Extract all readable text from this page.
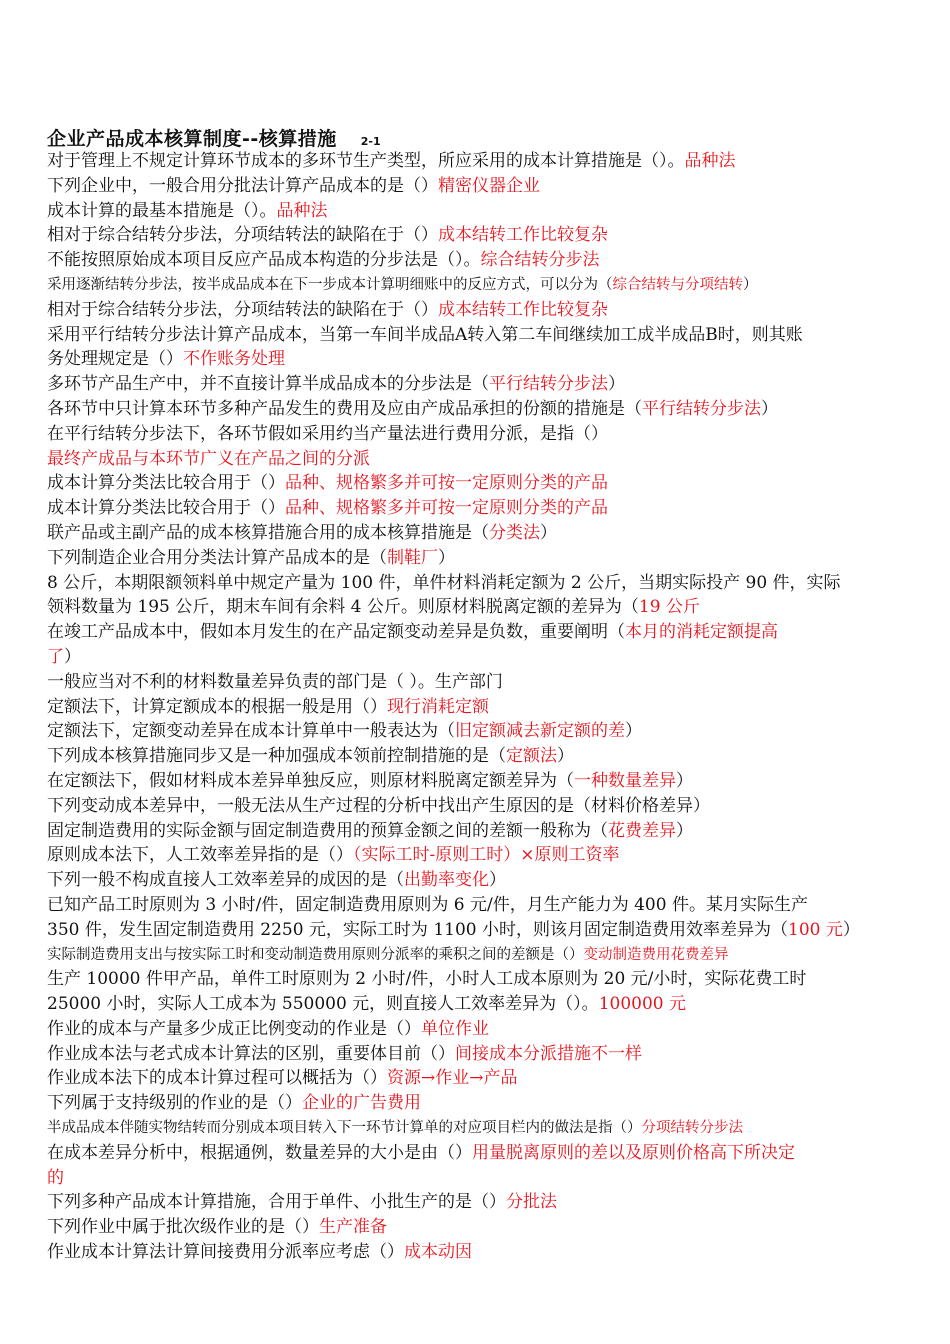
企业产品成本核算制度--核算措施 2-1
对于管理上不规定计算环节成本的多环节生产类型，所应采用的成本计算措施是（）。品种法
下列企业中，一般合用分批法计算产品成本的是（）精密仪器企业
成本计算的最基本措施是（）。品种法
相对于综合结转分步法，分项结转法的缺陷在于（）成本结转工作比较复杂
不能按照原始成本项目反应产品成本构造的分步法是（）。综合结转分步法
采用逐渐结转分步法，按半成品成本在下一步成本计算明细账中的反应方式，可以分为（综合结转与分项结转）
相对于综合结转分步法，分项结转法的缺陷在于（）成本结转工作比较复杂
采用平行结转分步法计算产品成本，当第一车间半成品A转入第二车间继续加工成半成品B时，则其账
务处理规定是（）不作账务处理
多环节产品生产中，并不直接计算半成品成本的分步法是（平行结转分步法）
各环节中只计算本环节多种产品发生的费用及应由产成品承担的份额的措施是（平行结转分步法）
在平行结转分步法下，各环节假如采用约当产量法进行费用分派，是指（）
最终产成品与本环节广义在产品之间的分派
成本计算分类法比较合用于（）品种、规格繁多并可按一定原则分类的产品
成本计算分类法比较合用于（）品种、规格繁多并可按一定原则分类的产品
联产品或主副产品的成本核算措施合用的成本核算措施是（分类法）
下列制造企业合用分类法计算产品成本的是（制鞋厂）
8 公斤，本期限额领料单中规定产量为 100 件，单件材料消耗定额为 2 公斤，当期实际投产 90 件，实际
领料数量为 195 公斤，期末车间有余料 4 公斤。则原材料脱离定额的差异为（19 公斤
在竣工产品成本中，假如本月发生的在产品定额变动差异是负数，重要阐明（本月的消耗定额提高
了）
一般应当对不利的材料数量差异负责的部门是（ ）。生产部门
定额法下，计算定额成本的根据一般是用（）现行消耗定额
定额法下，定额变动差异在成本计算单中一般表达为（旧定额减去新定额的差）
下列成本核算措施同步又是一种加强成本领前控制措施的是（定额法）
在定额法下，假如材料成本差异单独反应，则原材料脱离定额差异为（一种数量差异）
下列变动成本差异中，一般无法从生产过程的分析中找出产生原因的是（材料价格差异）
固定制造费用的实际金额与固定制造费用的预算金额之间的差额一般称为（花费差异）
原则成本法下，人工效率差异指的是（）（实际工时-原则工时）×原则工资率
下列一般不构成直接人工效率差异的成因的是（出勤率变化）
已知产品工时原则为 3 小时/件，固定制造费用原则为 6 元/件，月生产能力为 400 件。某月实际生产
350 件，发生固定制造费用 2250 元，实际工时为 1100 小时，则该月固定制造费用效率差异为（100 元）
实际制造费用支出与按实际工时和变动制造费用原则分派率的乘积之间的差额是（）变动制造费用花费差异
生产 10000 件甲产品，单件工时原则为 2 小时/件，小时人工成本原则为 20 元/小时，实际花费工时
25000 小时，实际人工成本为 550000 元，则直接人工效率差异为（）。100000 元
作业的成本与产量多少成正比例变动的作业是（）单位作业
作业成本法与老式成本计算法的区别，重要体目前（）间接成本分派措施不一样
作业成本法下的成本计算过程可以概括为（）资源→作业→产品
下列属于支持级别的作业的是（）企业的广告费用
半成品成本伴随实物结转而分别成本项目转入下一环节计算单的对应项目栏内的做法是指（）分项结转分步法
在成本差异分析中，根据通例，数量差异的大小是由（）用量脱离原则的差以及原则价格高下所决定
的
下列多种产品成本计算措施，合用于单件、小批生产的是（）分批法
下列作业中属于批次级作业的是（）生产准备
作业成本计算法计算间接费用分派率应考虑（）成本动因
